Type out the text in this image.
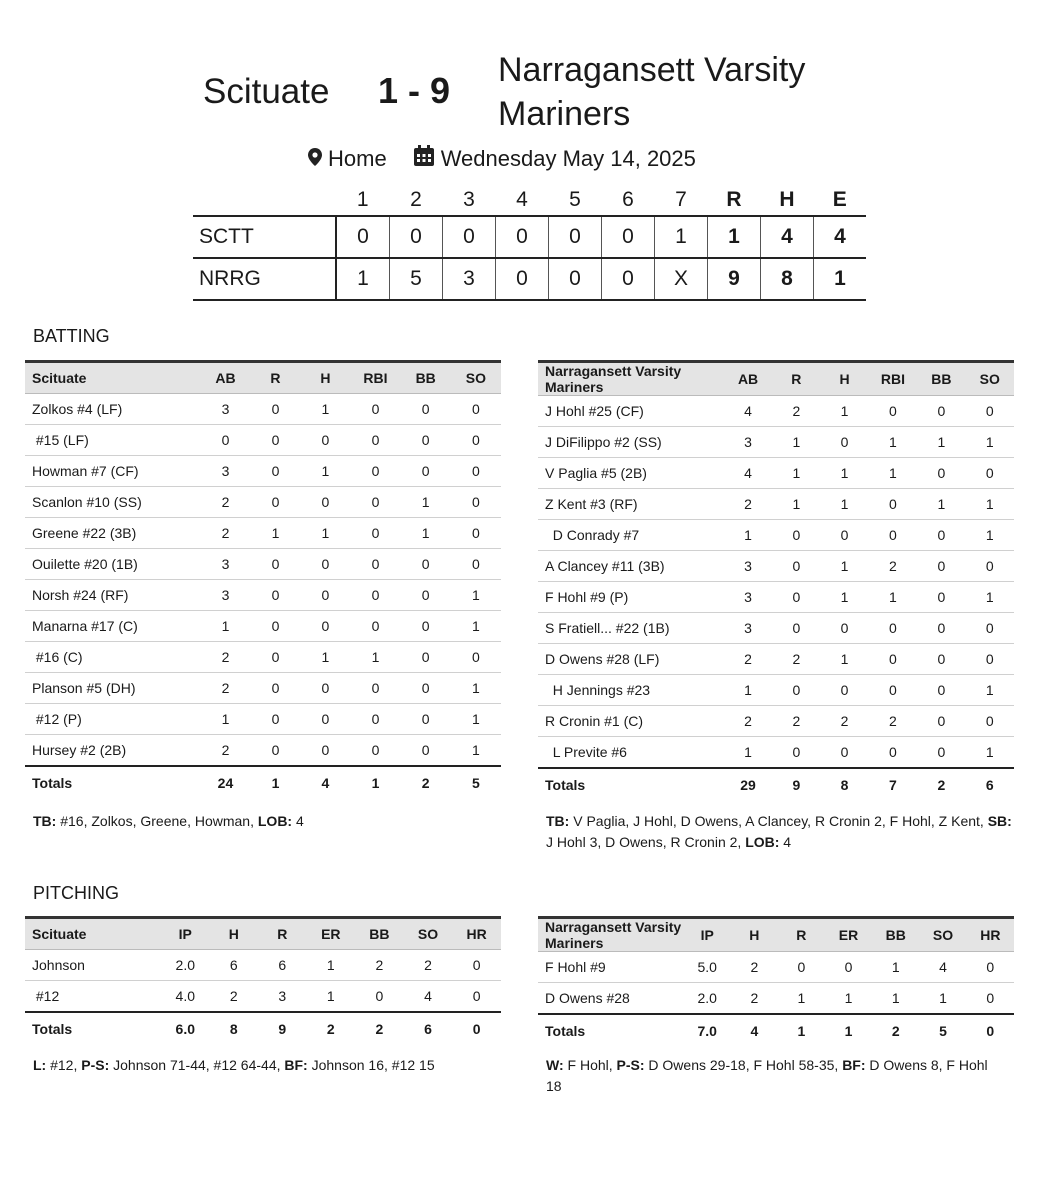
Scituate 1 - 9 Narragansett Varsity
Mariners
Home Wednesday May 14, 2025
	1	2	3	4	5	6	7	R	H	E
SCTT	0	0	0	0	0	0	1	1	4	4
NRRG	1	5	3	0	0	0	X	9	8	1
BATTING
Scituate	AB	R	H	RBI	BB	SO
Zolkos #4 (LF)	3	0	1	0	0	0
#15 (LF)	0	0	0	0	0	0
Howman #7 (CF)	3	0	1	0	0	0
Scanlon #10 (SS)	2	0	0	0	1	0
Greene #22 (3B)	2	1	1	0	1	0
Ouilette #20 (1B)	3	0	0	0	0	0
Norsh #24 (RF)	3	0	0	0	0	1
Manarna #17 (C)	1	0	0	0	0	1
#16 (C)	2	0	1	1	0	0
Planson #5 (DH)	2	0	0	0	0	1
#12 (P)	1	0	0	0	0	1
Hursey #2 (2B)	2	0	0	0	0	1
Totals	24	1	4	1	2	5
Narragansett Varsity Mariners	AB	R	H	RBI	BB	SO
J Hohl #25 (CF)	4	2	1	0	0	0
J DiFilippo #2 (SS)	3	1	0	1	1	1
V Paglia #5 (2B)	4	1	1	1	0	0
Z Kent #3 (RF)	2	1	1	0	1	1
D Conrady #7	1	0	0	0	0	1
A Clancey #11 (3B)	3	0	1	2	0	0
F Hohl #9 (P)	3	0	1	1	0	1
S Fratiell... #22 (1B)	3	0	0	0	0	0
D Owens #28 (LF)	2	2	1	0	0	0
H Jennings #23	1	0	0	0	0	1
R Cronin #1 (C)	2	2	2	2	0	0
L Previte #6	1	0	0	0	0	1
Totals	29	9	8	7	2	6
TB: #16, Zolkos, Greene, Howman, LOB: 4	TB: V Paglia, J Hohl, D Owens, A Clancey, R Cronin 2, F Hohl, Z Kent, SB: J Hohl 3, D Owens, R Cronin 2, LOB: 4
PITCHING
Scituate	IP	H	R	ER	BB	SO	HR
Johnson	2.0	6	6	1	2	2	0
#12	4.0	2	3	1	0	4	0
Totals	6.0	8	9	2	2	6	0
Narragansett Varsity Mariners	IP	H	R	ER	BB	SO	HR
F Hohl #9	5.0	2	0	0	1	4	0
D Owens #28	2.0	2	1	1	1	1	0
Totals	7.0	4	1	1	2	5	0
L: #12, P-S: Johnson 71-44, #12 64-44, BF: Johnson 16, #12 15	W: F Hohl, P-S: D Owens 29-18, F Hohl 58-35, BF: D Owens 8, F Hohl 18
